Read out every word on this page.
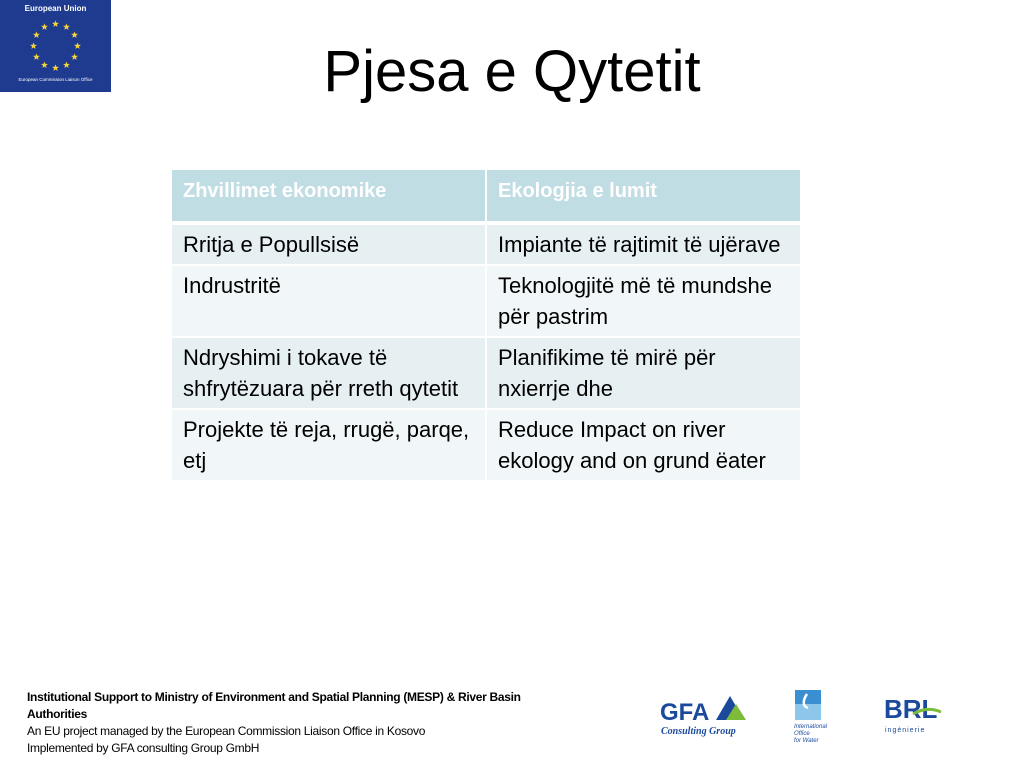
European Union
European Commission Liaison Office	Pjesa e Qytetit
Zhvillimet ekonomike	Ekologjia e lumit
Rritja e Popullsisë	Impiante të rajtimit të ujërave
Indrustritë	Teknologjitë më të mundshe për pastrim
Ndryshimi i tokave të shfrytëzuara për rreth qytetit	Planifikime të mirë për nxierrje dhe
Projekte të reja, rrugë, parqe, etj	Reduce Impact on river ekology and on grund ëater
Institutional Support to Ministry of Environment and Spatial Planning (MESP) & River Basin Authorities
An EU project managed by the European Commission Liaison Office in Kosovo
Implemented by GFA consulting Group GmbH
GFA
Consulting Group	International
Office
for Water
BRL
ingénierie
